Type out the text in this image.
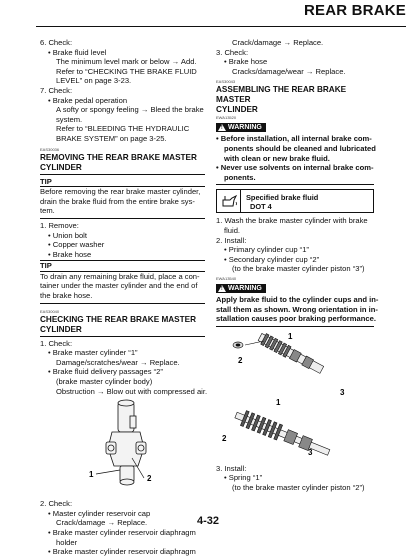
REAR BRAKE
6. Check:
• Brake fluid level
The minimum level mark or below → Add.
Refer to “CHECKING THE BRAKE FLUID
LEVEL” on page 3-23.
7. Check:
• Brake pedal operation
A softy or spongy feeling → Bleed the brake
system.
Refer to “BLEEDING THE HYDRAULIC
BRAKE SYSTEM” on page 3-25.
EAS30036
REMOVING THE REAR BRAKE MASTER
CYLINDER
TIP
Before removing the rear brake master cylinder,
drain the brake fluid from the entire brake sys-
tem.
1. Remove:
• Union bolt
• Copper washer
• Brake hose
TIP
To drain any remaining brake fluid, place a con-
tainer under the master cylinder and the end of
the brake hose.
EAS30040
CHECKING THE REAR BRAKE MASTER
CYLINDER
1. Check:
• Brake master cylinder “1”
Damage/scratches/wear → Replace.
• Brake fluid delivery passages “2”
(brake master cylinder body)
Obstruction → Blow out with compressed air.
1	2
2. Check:
• Master cylinder reservoir cap
Crack/damage → Replace.
• Brake master cylinder reservoir diaphragm
holder
• Brake master cylinder reservoir diaphragm
Crack/damage → Replace.
3. Check:
• Brake hose
Cracks/damage/wear → Replace.
EAS30043
ASSEMBLING THE REAR BRAKE MASTER
CYLINDER
EWA13520
! WARNING
• Before installation, all internal brake com-
ponents should be cleaned and lubricated
with clean or new brake fluid.
• Never use solvents on internal brake com-
ponents.
Specified brake fluid
DOT 4
1. Wash the brake master cylinder with brake
fluid.
2. Install:
• Primary cylinder cup “1”
• Secondary cylinder cup “2”
(to the brake master cylinder piston “3”)
EWA13540
! WARNING
Apply brake fluid to the cylinder cups and in-
stall them as shown. Wrong orientation in in-
stallation causes poor braking performance.
1
2
3
1
2
3
3. Install:
• Spring “1”
(to the brake master cylinder piston “2”)
4-32
